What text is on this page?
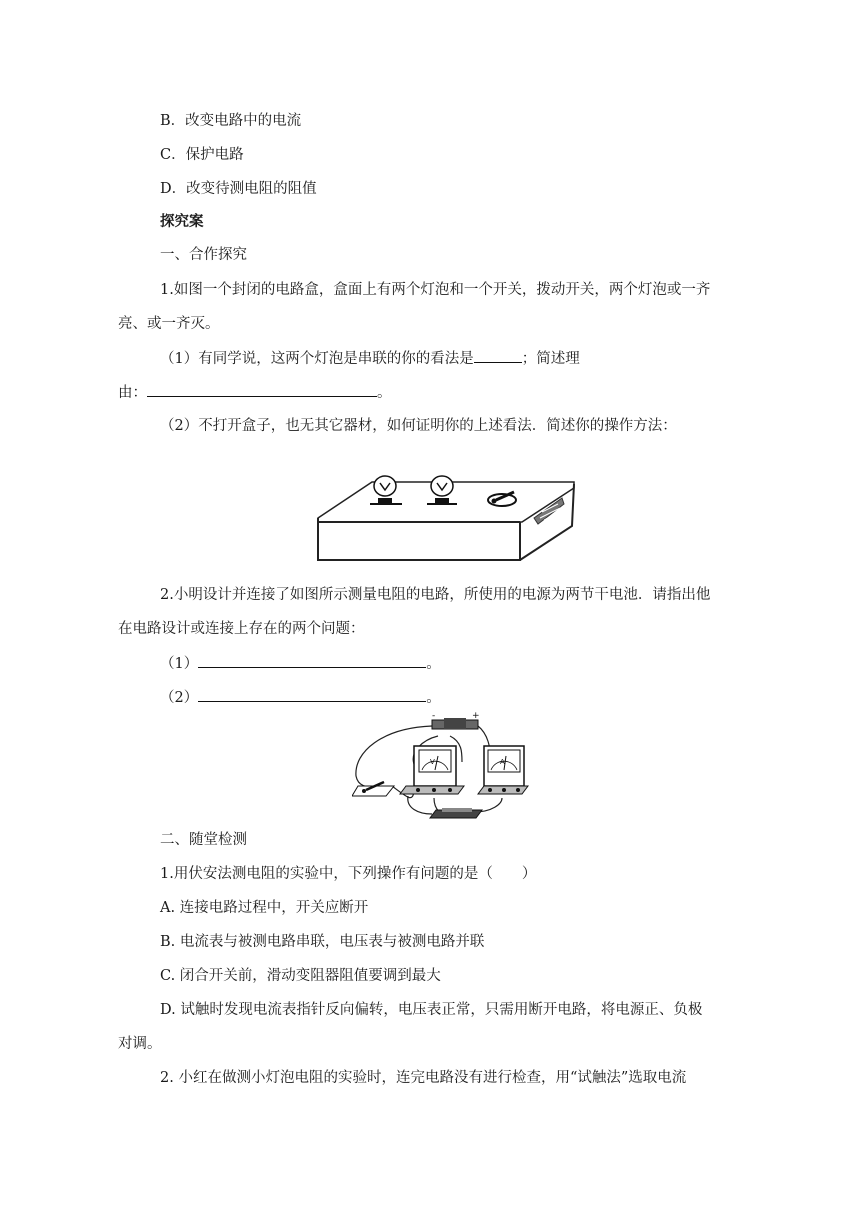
B．改变电路中的电流
C．保护电路
D．改变待测电阻的阻值
探究案
一、合作探究
1.如图一个封闭的电路盒，盒面上有两个灯泡和一个开关，拨动开关，两个灯泡或一齐
亮、或一齐灭。
（1）有同学说，这两个灯泡是串联的你的看法是	；简述理
由：	。
（2）不打开盒子，也无其它器材，如何证明你的上述看法．简述你的操作方法：
2.小明设计并连接了如图所示测量电阻的电路，所使用的电源为两节干电池．请指出他
在电路设计或连接上存在的两个问题：
（1）	。
（2）	。
-	+
V	A
二、随堂检测
1.用伏安法测电阻的实验中，下列操作有问题的是（　　）
A. 连接电路过程中，开关应断开
B. 电流表与被测电路串联，电压表与被测电路并联
C. 闭合开关前，滑动变阻器阻值要调到最大
D. 试触时发现电流表指针反向偏转，电压表正常，只需用断开电路，将电源正、负极
对调。
2. 小红在做测小灯泡电阻的实验时，连完电路没有进行检查，用“试触法”选取电流
